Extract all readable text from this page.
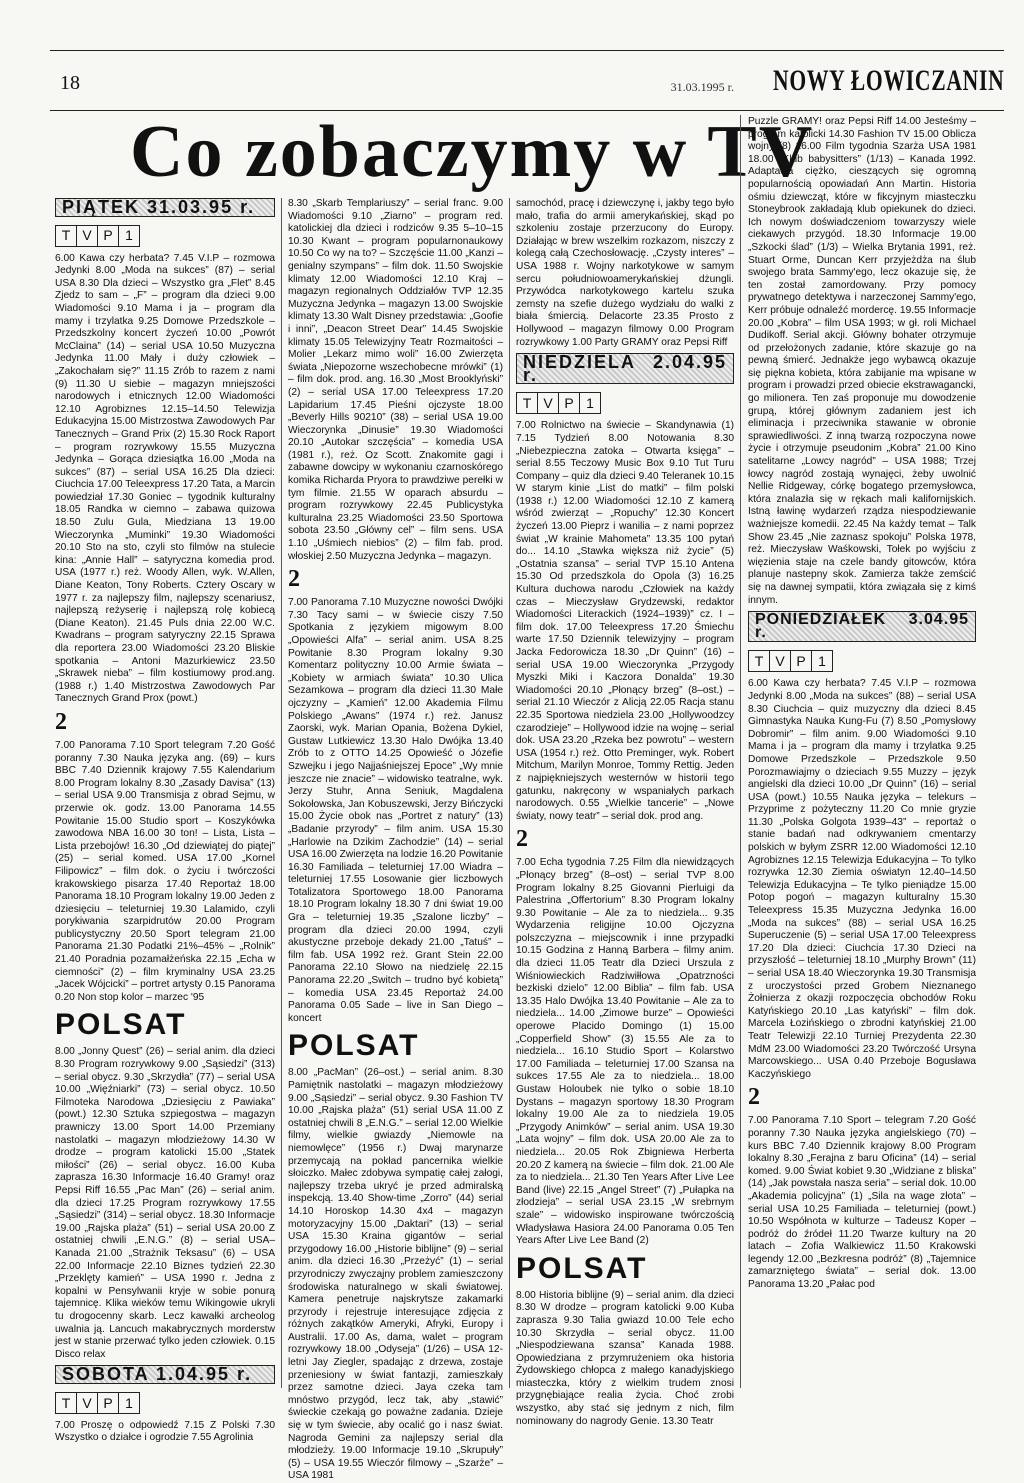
18	31.03.1995 r. NOWY ŁOWICZANIN
Co zobaczymy w TV
PIĄTEK 31.03.95 r.
T V P 1

6.00 Kawa czy herbata? 7.45 V.I.P – rozmowa Jedynki 8.00 „Moda na sukces” (87) – serial USA 8.30 Dla dzieci – Wszystko gra „Flet” 8.45 Zjedz to sam – „F” – program dla dzieci 9.00 Wiadomości 9.10 Mama i ja – program dla mamy i trzylatka 9.25 Domowe Przedszkole – Przedszkolny koncert życzeń 10.00 „Powrót McClaina” (14) – serial USA 10.50 Muzyczna Jedynka 11.00 Mały i duży człowiek – „Zakochałam się?” 11.15 Zrób to razem z nami (9) 11.30 U siebie – magazyn mniejszości narodowych i etnicznych 12.00 Wiadomości 12.10 Agrobiznes 12.15–14.50 Telewizja Edukacyjna 15.00 Mistrzostwa Zawodowych Par Tanecznych – Grand Prix (2) 15.30 Rock Raport – program rozrywkowy 15.55 Muzyczna Jedynka – Gorąca dziesiątka 16.00 „Moda na sukces” (87) – serial USA 16.25 Dla dzieci: Ciuchcia 17.00 Teleexpress 17.20 Tata, a Marcin powiedział 17.30 Goniec – tygodnik kulturalny 18.05 Randka w ciemno – zabawa quizowa 18.50 Zulu Gula, Miedziana 13 19.00 Wieczorynka „Muminki” 19.30 Wiadomości 20.10 Sto na sto, czyli sto filmów na stulecie kina: „Annie Hall” – satyryczna komedia prod. USA (1977 r.) reż. Woody Allen, wyk. W.Allen, Diane Keaton, Tony Roberts. Cztery Oscary w 1977 r. za najlepszy film, najlepszy scenariusz, najlepszą reżyserię i najlepszą rolę kobiecą (Diane Keaton). 21.45 Puls dnia 22.00 W.C. Kwadrans – program satyryczny 22.15 Sprawa dla reportera 23.00 Wiadomości 23.20 Bliskie spotkania – Antoni Mazurkiewicz 23.50 „Skrawek nieba” – film kostiumowy prod.ang. (1988 r.) 1.40 Mistrzostwa Zawodowych Par Tanecznych Grand Prox (powt.)

2

7.00 Panorama 7.10 Sport telegram 7.20 Gość poranny 7.30 Nauka języka ang. (69) – kurs BBC 7.40 Dziennik krajowy 7.55 Kalendarium 8.00 Program lokalny 8.30 „Zasady Davisa” (13) – serial USA 9.00 Transmisja z obrad Sejmu, w przerwie ok. godz. 13.00 Panorama 14.55 Powitanie 15.00 Studio sport – Koszykówka zawodowa NBA 16.00 30 ton! – Lista, Lista – Lista przebojów! 16.30 „Od dziewiątej do piątej” (25) – serial komed. USA 17.00 „Kornel Filipowicz” – film dok. o życiu i twórczości krakowskiego pisarza 17.40 Reportaż 18.00 Panorama 18.10 Program lokalny 19.00 Jeden z dziesięciu – teleturniej 19.30 Lalamido, czyli porykiwania szarpidrutów 20.00 Program publicystyczny 20.50 Sport telegram 21.00 Panorama 21.30 Podatki 21%–45% – „Rolnik” 21.40 Poradnia pozamałżeńska 22.15 „Echa w ciemności” (2) – film kryminalny USA 23.25 „Jacek Wójcicki” – portret artysty 0.15 Panorama 0.20 Non stop kolor – marzec '95

POLSAT

8.00 „Jonny Quest” (26) – serial anim. dla dzieci 8.30 Program rozrywkowy 9.00 „Sąsiedzi” (313) – serial obycz. 9.30 „Skrzydła” (77) – serial USA 10.00 „Więźniarki” (73) – serial obycz. 10.50 Filmoteka Narodowa „Dziesięciu z Pawiaka” (powt.) 12.30 Sztuka szpiegostwa – magazyn prawniczy 13.00 Sport 14.00 Przemiany nastolatki – magazyn młodzieżowy 14.30 W drodze – program katolicki 15.00 „Statek miłości” (26) – serial obycz. 16.00 Kuba zaprasza 16.30 Informacje 16.40 Gramy! oraz Pepsi Riff 16.55 „Pac Man” (26) – serial anim. dla dzieci 17.25 Program rozrywkowy 17.55 „Sąsiedzi” (314) – serial obycz. 18.30 Informacje 19.00 „Rajska plaża” (51) – serial USA 20.00 Z ostatniej chwili „E.N.G.” (8) – serial USA–Kanada 21.00 „Strażnik Teksasu” (6) – USA 22.00 Informacje 22.10 Biznes tydzień 22.30 „Przeklęty kamień” – USA 1990 r. Jedna z kopalni w Pensylwanii kryje w sobie ponurą tajemnicę. Klika wieków temu Wikingowie ukryli tu drogocenny skarb. Lecz kawałki archeolog uwalnia ją. Lancuch makabrycznych morderstw jest w stanie przerwać tylko jeden człowiek. 0.15 Disco relax

SOBOTA 1.04.95 r.
T V P 1

7.00 Proszę o odpowiedź 7.15 Z Polski 7.30 Wszystko o działce i ogrodzie 7.55 Agrolinia

8.30 „Skarb Templariuszy” – serial franc. 9.00 Wiadomości 9.10 „Ziarno” – program red. katolickiej dla dzieci i rodziców 9.35 5–10–15 10.30 Kwant – program popularnonaukowy 10.50 Co wy na to? – Szczęście 11.00 „Kanzi – genialny szympans” – film dok. 11.50 Swojskie klimaty 12.00 Wiadomości 12.10 Kraj – magazyn regionalnych Oddziałów TVP 12.35 Muzyczna Jedynka – magazyn 13.00 Swojskie klimaty 13.30 Walt Disney przedstawia: „Goofie i inni”, „Deacon Street Dear” 14.45 Swojskie klimaty 15.05 Telewizyjny Teatr Rozmaitości – Molier „Lekarz mimo woli” 16.00 Zwierzęta świata „Niepozorne wszechobecne mrówki” (1) – film dok. prod. ang. 16.30 „Most Brooklyński” (2) – serial USA 17.00 Teleexpress 17.20 Lapidarium 17.45 Pieśni ojczyste 18.00 „Beverly Hills 90210” (38) – serial USA 19.00 Wieczorynka „Dinusie” 19.30 Wiadomości 20.10 „Autokar szczęścia” – komedia USA (1981 r.), reż. Oz Scott. Znakomite gagi i zabawne dowcipy w wykonaniu czarnoskórego komika Richarda Pryora to prawdziwe perełki w tym filmie. 21.55 W oparach absurdu – program rozrywkowy 22.45 Publicystyka kulturalna 23.25 Wiadomości 23.50 Sportowa sobota 23.50 „Główny cel” – film sens. USA 1.10 „Uśmiech niebios” (2) – film fab. prod. włoskiej 2.50 Muzyczna Jedynka – magazyn.

2

7.00 Panorama 7.10 Muzyczne nowości Dwójki 7.30 Tacy sami – w świecie ciszy 7.50 Spotkania z językiem migowym 8.00 „Opowieści Alfa” – serial anim. USA 8.25 Powitanie 8.30 Program lokalny 9.30 Komentarz polityczny 10.00 Armie świata – „Kobiety w armiach świata” 10.30 Ulica Sezamkowa – program dla dzieci 11.30 Małe ojczyzny – „Kamień” 12.00 Akademia Filmu Polskiego „Awans” (1974 r.) reż. Janusz Zaorski, wyk. Marian Opania, Bożena Dykiel, Gustaw Lutkiewicz 13.30 Halo Dwójka 13.40 Zrób to z OTTO 14.25 Opowieść o Józefie Szwejku i jego Najjaśniejszej Epoce” „Wy mnie jeszcze nie znacie” – widowisko teatralne, wyk. Jerzy Stuhr, Anna Seniuk, Magdalena Sokołowska, Jan Kobuszewski, Jerzy Bińczycki 15.00 Życie obok nas „Portret z natury” (13) „Badanie przyrody” – film anim. USA 15.30 „Harlowie na Dzikim Zachodzie” (14) – serial USA 16.00 Zwierzęta na lodzie 16.20 Powitanie 16.30 Familiada – teleturniej 17.00 Wiadra – teleturniej 17.55 Losowanie gier liczbowych Totalizatora Sportowego 18.00 Panorama 18.10 Program lokalny 18.30 7 dni świat 19.00 Gra – teleturniej 19.35 „Szalone liczby” – program dla dzieci 20.00 1994, czyli akustyczne przeboje dekady 21.00 „Tatuś” – film fab. USA 1992 reż. Grant Stein 22.00 Panorama 22.10 Słowo na niedzielę 22.15 Panorama 22.20 „Switch – trudno być kobietą” – komedia USA 23.45 Reportaż 24.00 Panorama 0.05 Sade – live in San Diego – koncert

POLSAT

8.00 „PacMan” (26–ost.) – serial anim. 8.30 Pamiętnik nastolatki – magazyn młodzieżowy 9.00 „Sąsiedzi” – serial obycz. 9.30 Fashion TV 10.00 „Rajska plaża” (51) serial USA 11.00 Z ostatniej chwili 8 „E.N.G.” – serial 12.00 Wielkie filmy, wielkie gwiazdy „Niemowle na niemowlęce” (1956 r.) Dwaj marynarze przemycają na pokład pancernika wielkie słoiczko. Małec zdobywa sympatię całej załogi, najlepszy trzeba ukryć je przed admiralską inspekcją. 13.40 Show-time „Zorro” (44) serial 14.10 Horoskop 14.30 4x4 – magazyn motoryzacyjny 15.00 „Daktari” (13) – serial USA 15.30 Kraina gigantów – serial przygodowy 16.00 „Historie biblijne” (9) – serial anim. dla dzieci 16.30 „Przeżyć” (1) – serial przyrodniczy zwyczajny problem zamieszczony środowiska naturalnego w skali światowej. Kamera penetruje najskrytsze zakamarki przyrody i rejestruje interesujące zdjęcia z różnych zakątków Ameryki, Afryki, Europy i Australii. 17.00 As, dama, walet – program rozrywkowy 18.00 „Odyseja” (1/26) – USA 12-letni Jay Ziegler, spadając z drzewa, zostaje przeniesiony w świat fantazji, zamieszkały przez samotne dzieci. Jaya czeka tam mnóstwo przygód, lecz tak, aby „stawić” świeckie czekają go poważne zadania. Dzieje się w tym świecie, aby ocalić go i nasz świat. Nagroda Gemini za najlepszy serial dla młodzieży. 19.00 Informacje 19.10 „Skrupuły” (5) – USA 19.55 Wieczór filmowy – „Szarże” – USA 1981

samochód, pracę i dziewczynę i, jakby tego było mało, trafia do armii amerykańskiej, skąd po szkoleniu zostaje przerzucony do Europy. Działając w brew wszelkim rozkazom, niszczy z kolegą całą Czechosłowację. „Czysty interes” – USA 1988 r. Wojny narkotykowe w samym sercu południowoamerykańskiej dżungli. Przywódca narkotykowego kartelu szuka zemsty na szefie dużego wydziału do walki z biała śmiercią. Delacorte 23.35 Prosto z Hollywood – magazyn filmowy 0.00 Program rozrywkowy 1.00 Party GRAMY oraz Pepsi Riff

NIEDZIELA 2.04.95 r.
T V P 1

7.00 Rolnictwo na świecie – Skandynawia (1) 7.15 Tydzień 8.00 Notowania 8.30 „Niebezpieczna zatoka – Otwarta księga” – serial 8.55 Teczowy Music Box 9.10 Tut Turu Company – quiz dla dzieci 9.40 Teleranek 10.15 W starym kinie „List do matki” – film polski (1938 r.) 12.00 Wiadomości 12.10 Z kamerą wśród zwierząt – „Ropuchy” 12.30 Koncert życzeń 13.00 Pieprz i wanilia – z nami poprzez świat „W krainie Mahometa” 13.35 100 pytań do... 14.10 „Stawka większa niż życie” (5) „Ostatnia szansa” – serial TVP 15.10 Antena 15.30 Od przedszkola do Opola (3) 16.25 Kultura duchowa narodu „Człowiek na każdy czas – Mieczysław Grydzewski, redaktor Wiadomości Literackich (1924–1939)” cz. I – film dok. 17.00 Teleexpress 17.20 Śmiechu warte 17.50 Dziennik telewizyjny – program Jacka Fedorowicza 18.30 „Dr Quinn” (16) – serial USA 19.00 Wieczorynka „Przygody Myszki Miki i Kaczora Donalda” 19.30 Wiadomości 20.10 „Płonący brzeg” (8–ost.) – serial 21.10 Wieczór z Alicją 22.05 Racja stanu 22.35 Sportowa niedziela 23.00 „Hollywoodzcy czarodzieje” – Hollywood idzie na wojnę – serial dok. USA 23.20 „Rzeka bez powrotu” – western USA (1954 r.) reż. Otto Preminger, wyk. Robert Mitchum, Marilyn Monroe, Tommy Rettig. Jeden z najpiękniejszych westernów w historii tego gatunku, nakręcony w wspaniałych parkach narodowych. 0.55 „Wielkie tancerie” – „Nowe światy, nowy teatr” – serial dok. prod ang.

2

7.00 Echa tygodnia 7.25 Film dla niewidzących „Płonący brzeg” (8–ost) – serial TVP 8.00 Program lokalny 8.25 Giovanni Pierluigi da Palestrina „Offertorium” 8.30 Program lokalny 9.30 Powitanie – Ale za to niedziela... 9.35 Wydarzenia religijne 10.00 Ojczyzna polszczyzna – miejscownik i inne przypadki 10.15 Godzina z Hanną Barbera – filmy anim. dla dzieci 11.05 Teatr dla Dzieci Urszula z Wiśniowieckich Radziwiłłowa „Opatrzności bezkiski dzielo” 12.00 Biblia” – film fab. USA 13.35 Halo Dwójka 13.40 Powitanie – Ale za to niedziela... 14.00 „Zimowe burze” – Opowieści operowe Placido Domingo (1) 15.00 „Copperfield Show” (3) 15.55 Ale za to niedziela... 16.10 Studio Sport – Kolarstwo 17.00 Familiada – teleturniej 17.00 Szansa na sukces 17.55 Ale za to niedziela... 18.00 Gustaw Holoubek nie tylko o sobie 18.10 Dystans – magazyn sportowy 18.30 Program lokalny 19.00 Ale za to niedziela 19.05 „Przygody Animków” – serial anim. USA 19.30 „Lata wojny” – film dok. USA 20.00 Ale za to niedziela... 20.05 Rok Zbigniewa Herberta 20.20 Z kamerą na świecie – film dok. 21.00 Ale za to niedziela... 21.30 Ten Years After Live Lee Band (live) 22.15 „Angel Street” (7) „Pułapka na złodzieja” – serial USA 23.15 „W srebrnym szale” – widowisko inspirowane twórczością Władysława Hasiora 24.00 Panorama 0.05 Ten Years After Live Lee Band (2)

POLSAT

8.00 Historia biblijne (9) – serial anim. dla dzieci 8.30 W drodze – program katolicki 9.00 Kuba zaprasza 9.30 Talia gwiazd 10.00 Tele echo 10.30 Skrzydła – serial obycz. 11.00 „Niespodziewana szansa” Kanada 1988. Opowiedziana z przymrużeniem oka historia Żydowskiego chłopca z małego kanadyjskiego miasteczka, który z wielkim trudem znosi przygnębiające realia życia. Choć zrobi wszystko, aby stać się jednym z nich, film nominowany do nagrody Genie. 13.30 Teatr

Puzzle GRAMY! oraz Pepsi Riff 14.00 Jesteśmy – program katolicki 14.30 Fashion TV 15.00 Oblicza wojny (8) 16.00 Film tygodnia Szarża USA 1981 18.00 „Klub babysitters” (1/13) – Kanada 1992. Adaptacja ciężko, cieszących się ogromną popularnością opowiadań Ann Martin. Historia ośmiu dziewcząt, które w fikcyjnym miasteczku Stoneybrook zakładają klub opiekunek do dzieci. Ich nowym doświadczeniom towarzyszy wiele ciekawych przygód. 18.30 Informacje 19.00 „Szkocki ślad” (1/3) – Wielka Brytania 1991, reż. Stuart Orme, Duncan Kerr przyjeżdża na ślub swojego brata Sammy'ego, lecz okazuje się, że ten został zamordowany. Przy pomocy prywatnego detektywa i narzeczonej Sammy'ego, Kerr próbuje odnaleźć mordercę. 19.55 Informacje 20.00 „Kobra” – film USA 1993; w gł. roli Michael Dudikoff. Serial akcji. Główny bohater otrzymuje od przełożonych zadanie, które skazuje go na pewną śmierć. Jednakże jego wybawcą okazuje się piękna kobieta, która zabijanie ma wpisane w program i prowadzi przed obiecie ekstrawagancki, go milionera. Ten zaś proponuje mu dowodzenie grupą, której głównym zadaniem jest ich eliminacja i przeciwnika stawanie w obronie sprawiedliwości. Z inną twarzą rozpoczyna nowe życie i otrzymuje pseudonim „Kobra” 21.00 Kino satelitarne „Lowcy nagród” – USA 1988; Trzej łowcy nagród zostają wynajęci, żeby uwolnić Nellie Ridgeway, córkę bogatego przemysłowca, która znalazła się w rękach mali kalifornijskich. Istną ławinę wydarzeń rządza niespodziewanie ważniejsze komedii. 22.45 Na każdy temat – Talk Show 23.45 „Nie zaznasz spokoju” Polska 1978, reż. Mieczysław Waśkowski, Tołek po wyjściu z więzienia staje na czele bandy gitowców, która planuje nastepny skok. Zamierza także zemścić się na dawnej sympatii, która związała się z kimś innym.

PONIEDZIAŁEK 3.04.95 r.
T V P 1

6.00 Kawa czy herbata? 7.45 V.I.P – rozmowa Jedynki 8.00 „Moda na sukces” (88) – serial USA 8.30 Ciuchcia – quiz muzyczny dla dzieci 8.45 Gimnastyka Nauka Kung-Fu (7) 8.50 „Pomysłowy Dobromir” – film anim. 9.00 Wiadomości 9.10 Mama i ja – program dla mamy i trzylatka 9.25 Domowe Przedszkole – Przedszkole 9.50 Porozmawiajmy o dzieciach 9.55 Muzzy – język angielski dla dzieci 10.00 „Dr Quinn” (16) – serial USA (powt.) 10.55 Nauka języka – telekurs – Przyprime z pożyteczny 11.20 Co mnie gryzie 11.30 „Polska Golgota 1939–43” – reportaż o stanie badań nad odkrywaniem cmentarzy polskich w byłym ZSRR 12.00 Wiadomości 12.10 Agrobiznes 12.15 Telewizja Edukacyjna – To tylko rozrywka 12.30 Ziemia oświatyn 12.40–14.50 Telewizja Edukacyjna – Te tylko pieniądze 15.00 Potop pogoń – magazyn kulturalny 15.30 Teleexpress 15.35 Muzyczna Jedynka 16.00 „Moda na sukces” (88) – serial USA 16.25 Superuczenie (5) – serial USA 17.00 Teleexpress 17.20 Dla dzieci: Ciuchcia 17.30 Dzieci na przyszłość – teleturniej 18.10 „Murphy Brown” (11) – serial USA 18.40 Wieczorynka 19.30 Transmisja z uroczystości przed Grobem Nieznanego Żołnierza z okazji rozpoczęcia obchodów Roku Katyńskiego 20.10 „Las katyński” – film dok. Marcela Łozińskiego o zbrodni katyńskiej 21.00 Teatr Telewizji 22.10 Turniej Prezydenta 22.30 MdM 23.00 Wiadomości 23.20 Twórczość Ursyna Marcowskiego... USA 0.40 Przeboje Bogusława Kaczyńskiego

2

7.00 Panorama 7.10 Sport – telegram 7.20 Gość poranny 7.30 Nauka języka angielskiego (70) – kurs BBC 7.40 Dziennik krajowy 8.00 Program lokalny 8.30 „Ferajna z baru Oficina” (14) – serial komed. 9.00 Świat kobiet 9.30 „Widziane z bliska” (14) „Jak powstała nasza seria” – serial dok. 10.00 „Akademia policyjna” (1) „Sila na wage złota” – serial USA 10.25 Familiada – teleturniej (powt.) 10.50 Współnota w kulturze – Tadeusz Koper – podróż do źródeł 11.20 Twarze kultury na 20 latach – Zofia Walkiewicz 11.50 Krakowski legendy 12.00 „Bezkresna podróż” (8) „Tajemnice zamarzniętego świata” – serial dok. 13.00 Panorama 13.20 „Pałac pod
